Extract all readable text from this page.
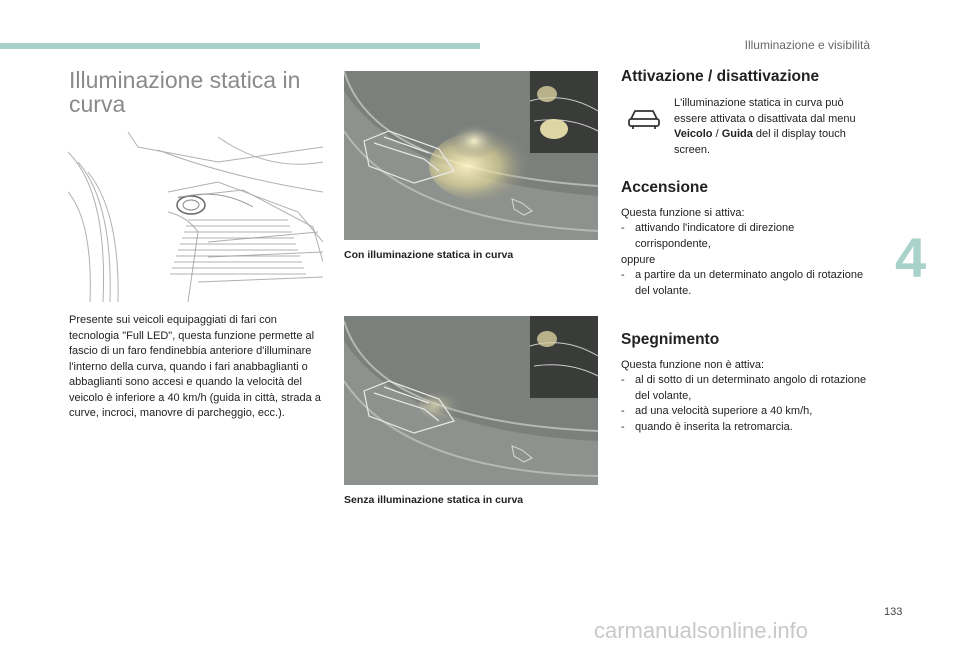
Illuminazione e visibilità
Illuminazione statica in curva

Presente sui veicoli equipaggiati di fari con tecnologia "Full LED", questa funzione permette al fascio di un faro fendinebbia anteriore d'illuminare l'interno della curva, quando i fari anabbaglianti o abbaglianti sono accesi e quando la velocità del veicolo è inferiore a 40 km/h (guida in città, strada a curve, incroci, manovre di parcheggio, ecc.).

Con illuminazione statica in curva
Senza illuminazione statica in curva
Attivazione / disattivazione

L'illuminazione statica in curva può essere attivata o disattivata dal menu Veicolo / Guida del il display touch screen.

Accensione

Questa funzione si attiva:

- attivando l'indicatore di direzione corrispondente,

oppure

- a partire da un determinato angolo di rotazione del volante.
Spegnimento

Questa funzione non è attiva:

- al di sotto di un determinato angolo di rotazione del volante,
- ad una velocità superiore a 40 km/h,
- quando è inserita la retromarcia.
4
133
carmanualsonline.info
